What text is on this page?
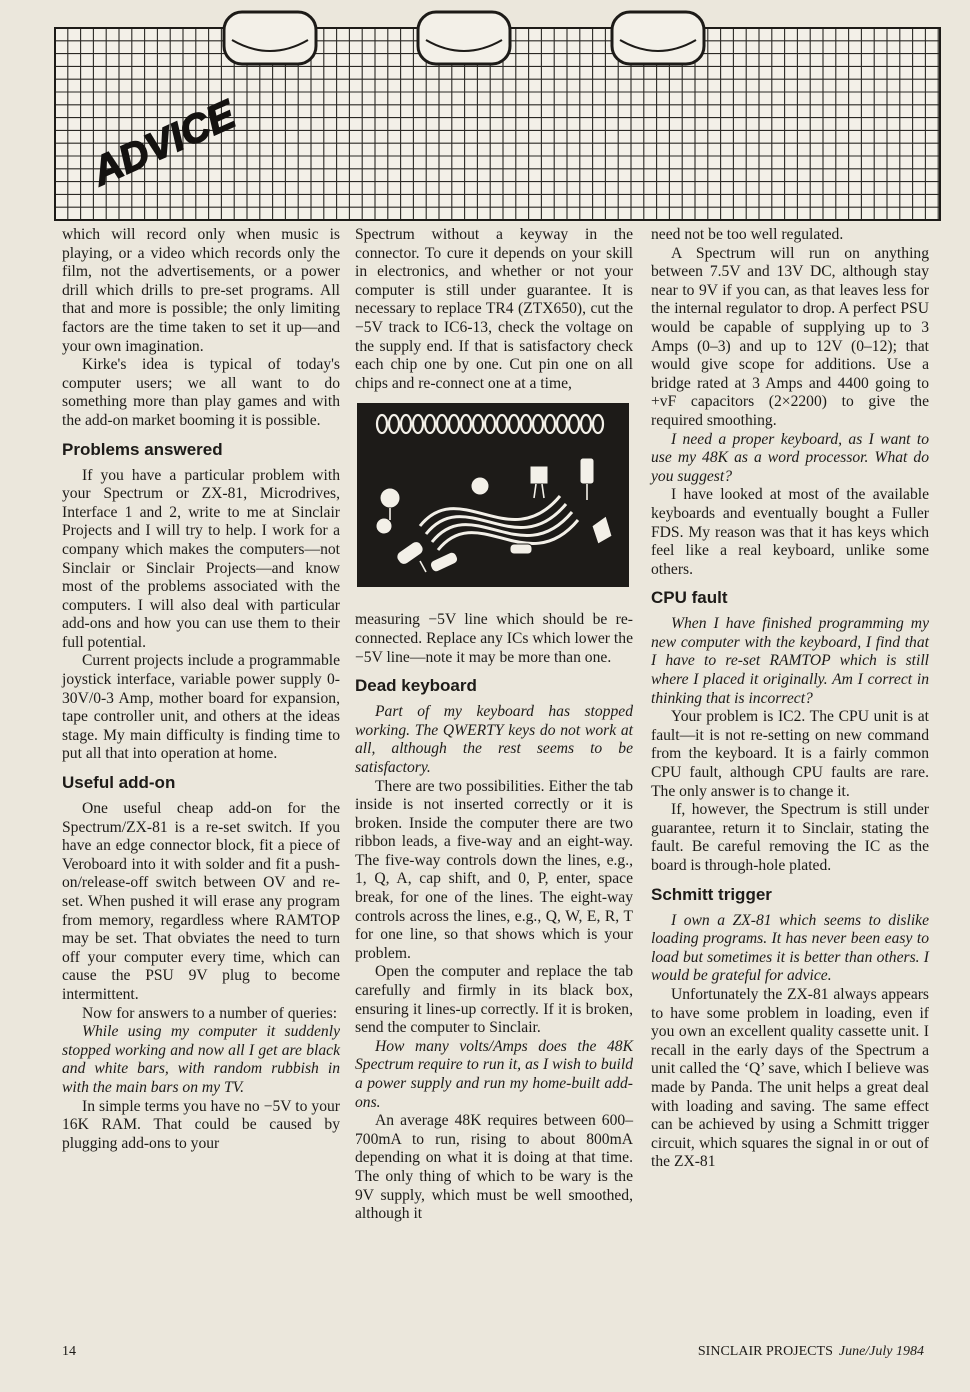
ADVICE

which will record only when music is playing, or a video which records only the film, not the advertisements, or a power drill which drills to pre-set programs. All that and more is possible; the only limiting factors are the time taken to set it up—and your own imagination.

Kirke's idea is typical of today's computer users; we all want to do something more than play games and with the add-on market booming it is possible.

Problems answered

If you have a particular problem with your Spectrum or ZX-81, Microdrives, Interface 1 and 2, write to me at Sinclair Projects and I will try to help. I work for a company which makes the computers—not Sinclair or Sinclair Projects—and know most of the problems associated with the computers. I will also deal with particular add-ons and how you can use them to their full potential.

Current projects include a programmable joystick interface, variable power supply 0-30V/0-3 Amp, mother board for expansion, tape controller unit, and others at the ideas stage. My main difficulty is finding time to put all that into operation at home.

Useful add-on

One useful cheap add-on for the Spectrum/ZX-81 is a re-set switch. If you have an edge connector block, fit a piece of Veroboard into it with solder and fit a push-on/release-off switch between OV and re-set. When pushed it will erase any program from memory, regardless where RAMTOP may be set. That obviates the need to turn off your computer every time, which can cause the PSU 9V plug to become intermittent.

Now for answers to a number of queries:

While using my computer it suddenly stopped working and now all I get are black and white bars, with random rubbish in with the main bars on my TV.

In simple terms you have no −5V to your 16K RAM. That could be caused by plugging add-ons to your

Spectrum without a keyway in the connector. To cure it depends on your skill in electronics, and whether or not your computer is still under guarantee. It is necessary to replace TR4 (ZTX650), cut the −5V track to IC6-13, check the voltage on the supply end. If that is satisfactory check each chip one by one. Cut pin one on all chips and re-connect one at a time,

measuring −5V line which should be re-connected. Replace any ICs which lower the −5V line—note it may be more than one.

Dead keyboard

Part of my keyboard has stopped working. The QWERTY keys do not work at all, although the rest seems to be satisfactory.

There are two possibilities. Either the tab inside is not inserted correctly or it is broken. Inside the computer there are two ribbon leads, a five-way and an eight-way. The five-way controls down the lines, e.g., 1, Q, A, cap shift, and 0, P, enter, space break, for one of the lines. The eight-way controls across the lines, e.g., Q, W, E, R, T for one line, so that shows which is your problem.

Open the computer and replace the tab carefully and firmly in its black box, ensuring it lines-up correctly. If it is broken, send the computer to Sinclair.

How many volts/Amps does the 48K Spectrum require to run it, as I wish to build a power supply and run my home-built add-ons.

An average 48K requires between 600–700mA to run, rising to about 800mA depending on what it is doing at that time. The only thing of which to be wary is the 9V supply, which must be well smoothed, although it

need not be too well regulated.

A Spectrum will run on anything between 7.5V and 13V DC, although stay near to 9V if you can, as that leaves less for the internal regulator to drop. A perfect PSU would be capable of supplying up to 3 Amps (0–3) and up to 12V (0–12); that would give scope for additions. Use a bridge rated at 3 Amps and 4400 going to +vF capacitors (2×2200) to give the required smoothing.

I need a proper keyboard, as I want to use my 48K as a word processor. What do you suggest?

I have looked at most of the available keyboards and eventually bought a Fuller FDS. My reason was that it has keys which feel like a real keyboard, unlike some others.

CPU fault

When I have finished programming my new computer with the keyboard, I find that I have to re-set RAMTOP which is still where I placed it originally. Am I correct in thinking that is incorrect?

Your problem is IC2. The CPU unit is at fault—it is not re-setting on new command from the keyboard. It is a fairly common CPU fault, although CPU faults are rare. The only answer is to change it.

If, however, the Spectrum is still under guarantee, return it to Sinclair, stating the fault. Be careful removing the IC as the board is through-hole plated.

Schmitt trigger

I own a ZX-81 which seems to dislike loading programs. It has never been easy to load but sometimes it is better than others. I would be grateful for advice.

Unfortunately the ZX-81 always appears to have some problem in loading, even if you own an excellent quality cassette unit. I recall in the early days of the Spectrum a unit called the ‘Q’ save, which I believe was made by Panda. The unit helps a great deal with loading and saving. The same effect can be achieved by using a Schmitt trigger circuit, which squares the signal in or out of the ZX-81

14	SINCLAIR PROJECTS June/July 1984
